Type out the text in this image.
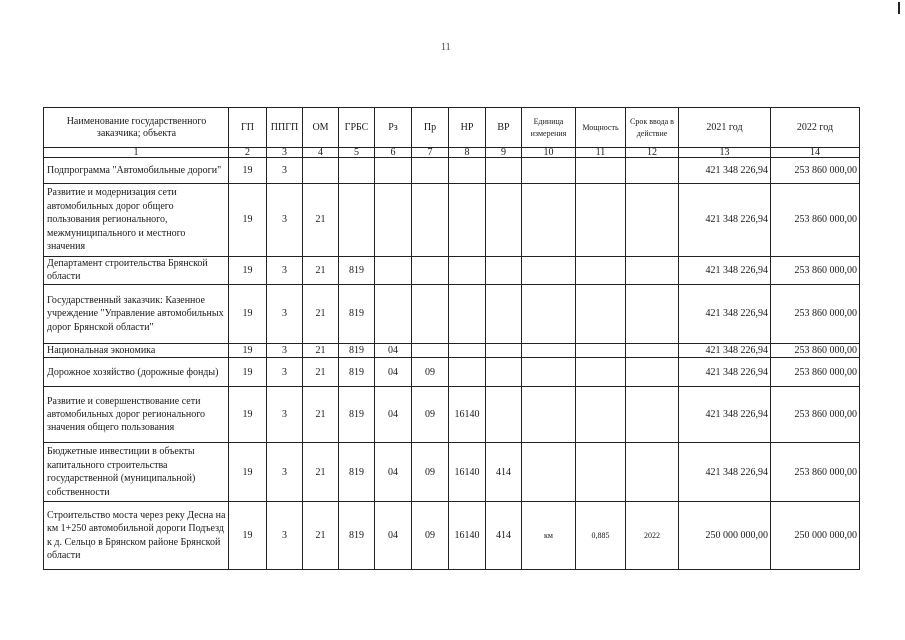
11
Наименование государственного заказчика; объекта	ГП	ППГП	ОМ	ГРБС	Рз	Пр	НР	ВР	Единица измерения	Мощность	Срок ввода в действие	2021 год	2022 год
1	2	3	4	5	6	7	8	9	10	11	12	13	14
Подпрограмма "Автомобильные дороги"	19	3										421 348 226,94	253 860 000,00
Развитие и модернизация сети автомобильных дорог общего пользования регионального, межмуниципального и местного значения	19	3	21									421 348 226,94	253 860 000,00
Департамент строительства Брянской области	19	3	21	819								421 348 226,94	253 860 000,00
Государственный заказчик: Казенное учреждение "Управление автомобильных дорог Брянской области"	19	3	21	819								421 348 226,94	253 860 000,00
Национальная экономика	19	3	21	819	04							421 348 226,94	253 860 000,00
Дорожное хозяйство (дорожные фонды)	19	3	21	819	04	09						421 348 226,94	253 860 000,00
Развитие и совершенствование сети автомобильных дорог регионального значения общего пользования	19	3	21	819	04	09	16140					421 348 226,94	253 860 000,00
Бюджетные инвестиции в объекты капитального строительства государственной (муниципальной) собственности	19	3	21	819	04	09	16140	414				421 348 226,94	253 860 000,00
Строительство моста через реку Десна на км 1+250 автомобильной дороги Подъезд к д. Сельцо в Брянском районе Брянской области	19	3	21	819	04	09	16140	414	км	0,885	2022	250 000 000,00	250 000 000,00
